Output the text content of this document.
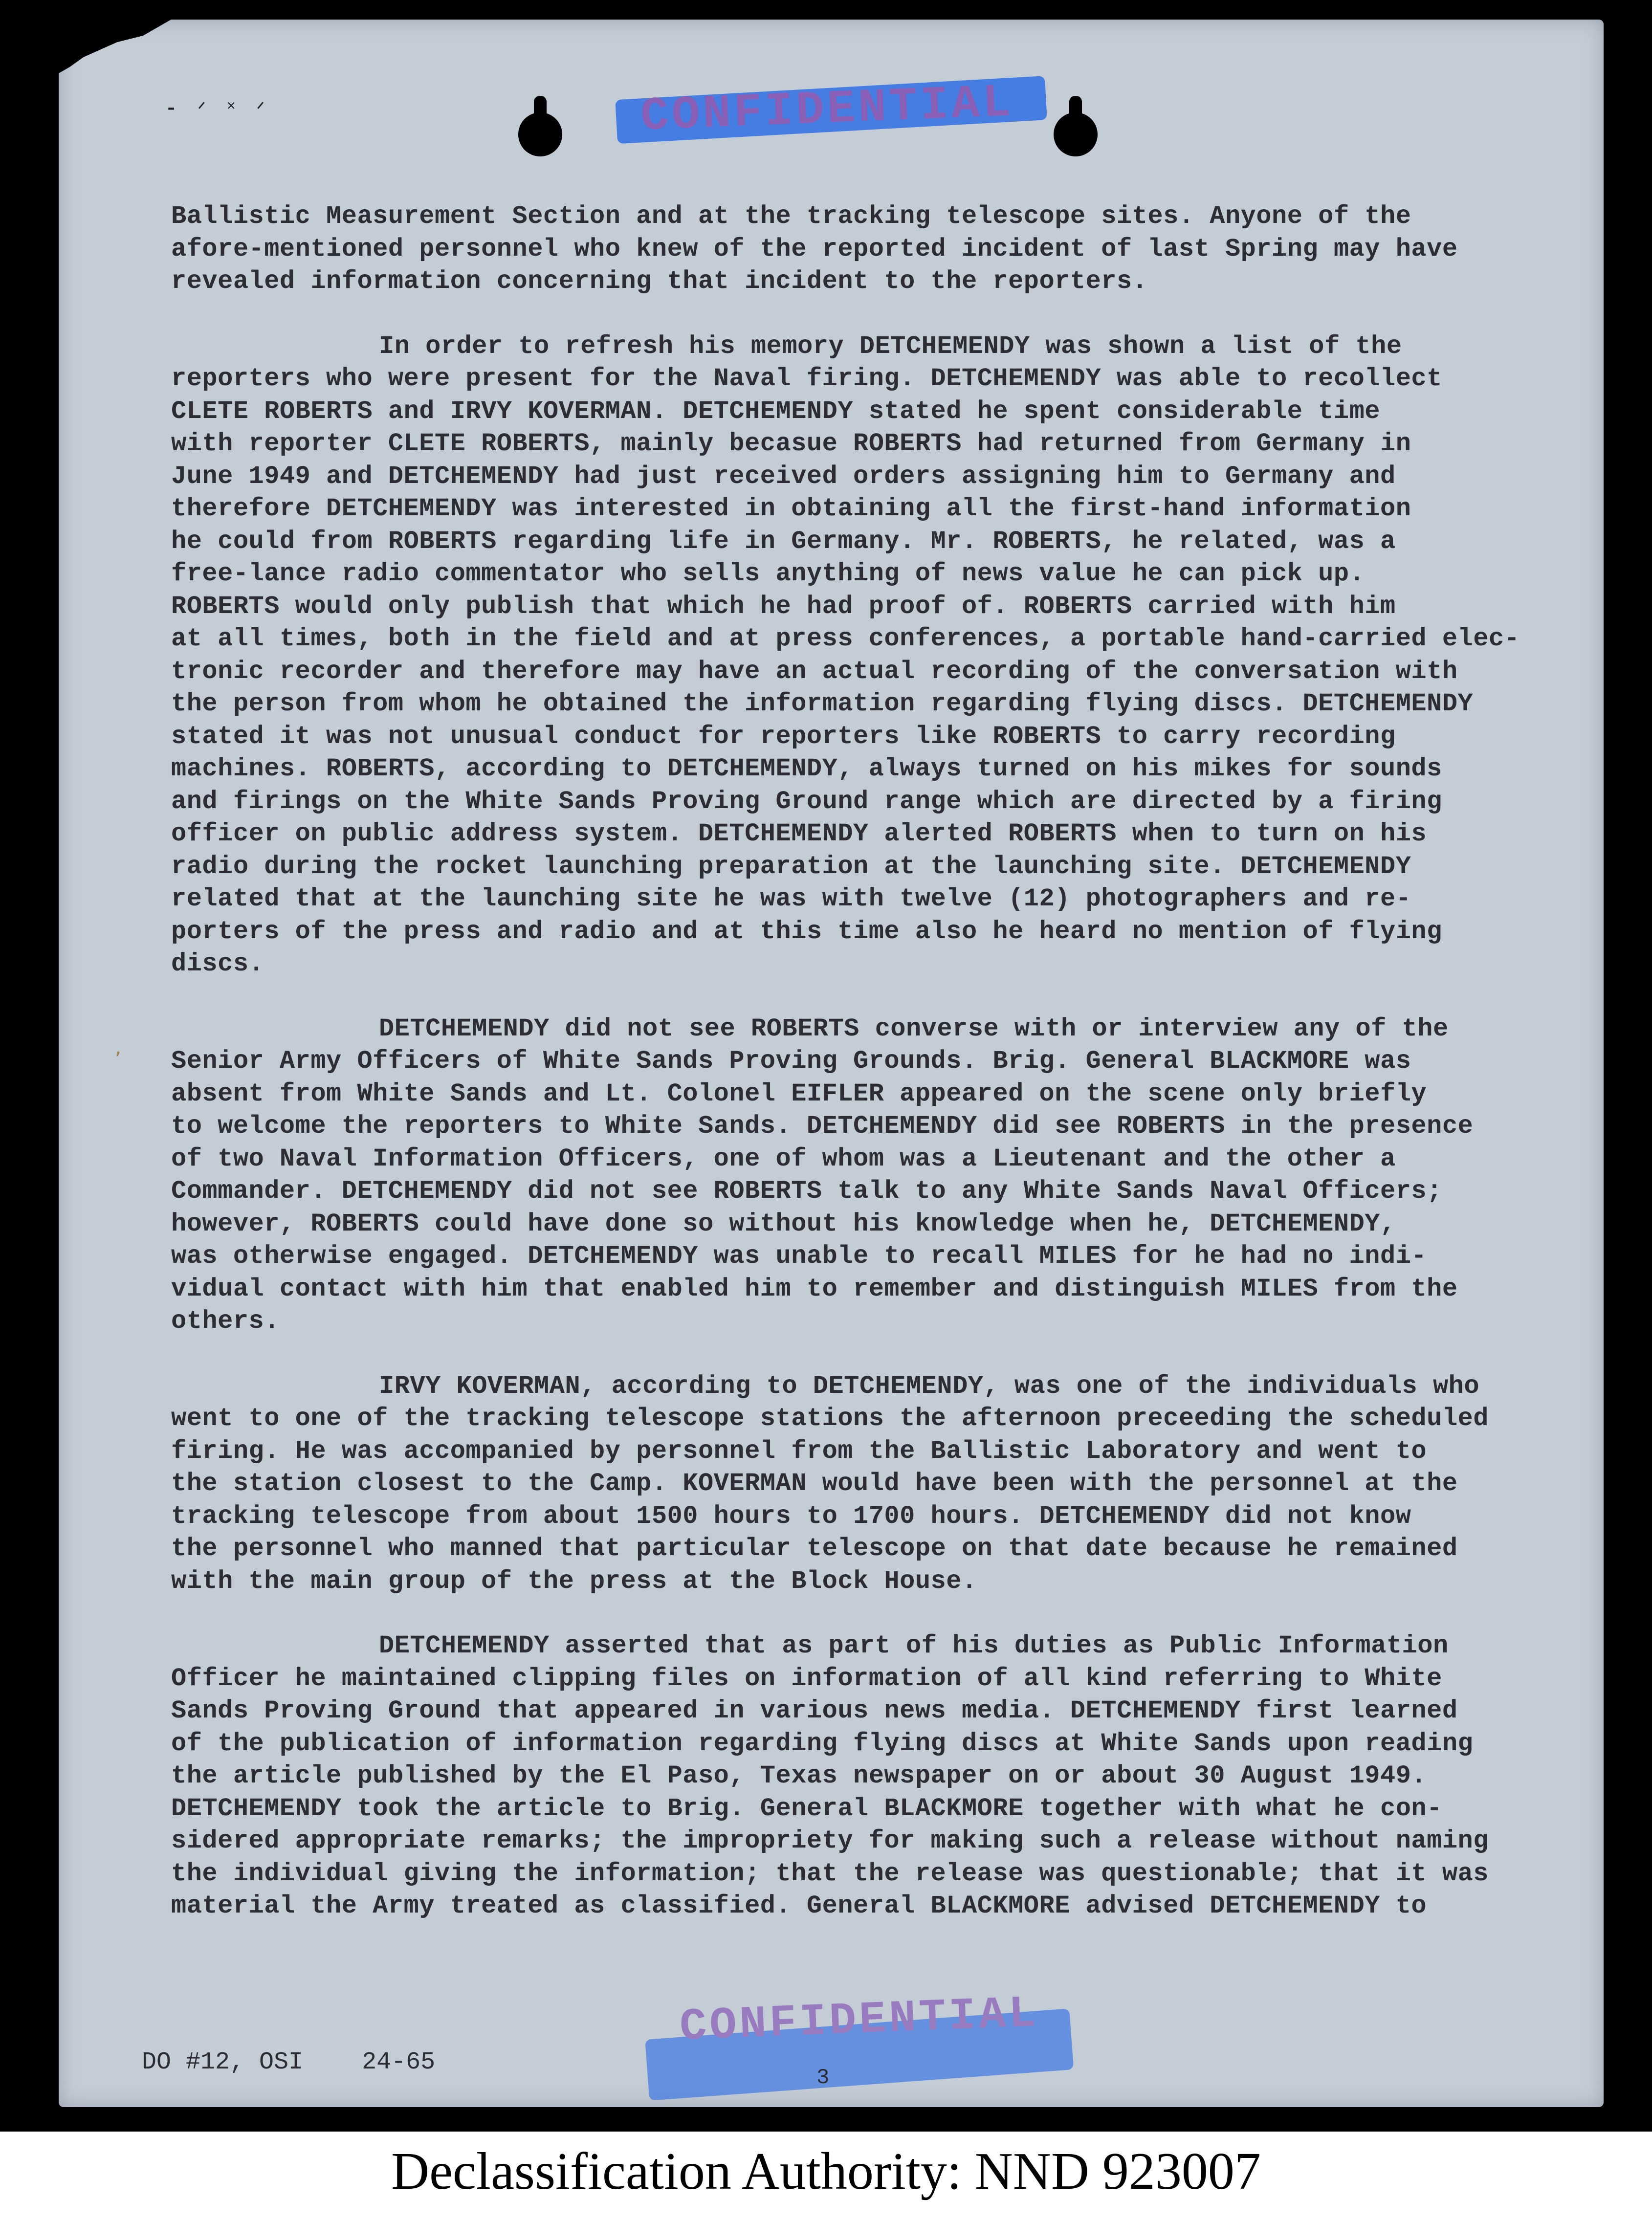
⁃ ᐟ ˟ ᐟ	CONFIDENTIAL
Ballistic Measurement Section and at the tracking telescope sites. Anyone of the
afore-mentioned personnel who knew of the reported incident of last Spring may have
revealed information concerning that incident to the reporters.
In order to refresh his memory DETCHEMENDY was shown a list of the
reporters who were present for the Naval firing. DETCHEMENDY was able to recollect
CLETE ROBERTS and IRVY KOVERMAN. DETCHEMENDY stated he spent considerable time
with reporter CLETE ROBERTS, mainly becasue ROBERTS had returned from Germany in
June 1949 and DETCHEMENDY had just received orders assigning him to Germany and
therefore DETCHEMENDY was interested in obtaining all the first-hand information
he could from ROBERTS regarding life in Germany. Mr. ROBERTS, he related, was a
free-lance radio commentator who sells anything of news value he can pick up.
ROBERTS would only publish that which he had proof of. ROBERTS carried with him
at all times, both in the field and at press conferences, a portable hand-carried elec-
tronic recorder and therefore may have an actual recording of the conversation with
the person from whom he obtained the information regarding flying discs. DETCHEMENDY
stated it was not unusual conduct for reporters like ROBERTS to carry recording
machines. ROBERTS, according to DETCHEMENDY, always turned on his mikes for sounds
and firings on the White Sands Proving Ground range which are directed by a firing
officer on public address system. DETCHEMENDY alerted ROBERTS when to turn on his
radio during the rocket launching preparation at the launching site. DETCHEMENDY
related that at the launching site he was with twelve (12) photographers and re-
porters of the press and radio and at this time also he heard no mention of flying
discs.
DETCHEMENDY did not see ROBERTS converse with or interview any of the
Senior Army Officers of White Sands Proving Grounds. Brig. General BLACKMORE was
absent from White Sands and Lt. Colonel EIFLER appeared on the scene only briefly
to welcome the reporters to White Sands. DETCHEMENDY did see ROBERTS in the presence
of two Naval Information Officers, one of whom was a Lieutenant and the other a
Commander. DETCHEMENDY did not see ROBERTS talk to any White Sands Naval Officers;
however, ROBERTS could have done so without his knowledge when he, DETCHEMENDY,
was otherwise engaged. DETCHEMENDY was unable to recall MILES for he had no indi-
vidual contact with him that enabled him to remember and distinguish MILES from the
others.
IRVY KOVERMAN, according to DETCHEMENDY, was one of the individuals who
went to one of the tracking telescope stations the afternoon preceeding the scheduled
firing. He was accompanied by personnel from the Ballistic Laboratory and went to
the station closest to the Camp. KOVERMAN would have been with the personnel at the
tracking telescope from about 1500 hours to 1700 hours. DETCHEMENDY did not know
the personnel who manned that particular telescope on that date because he remained
with the main group of the press at the Block House.
DETCHEMENDY asserted that as part of his duties as Public Information
Officer he maintained clipping files on information of all kind referring to White
Sands Proving Ground that appeared in various news media. DETCHEMENDY first learned
of the publication of information regarding flying discs at White Sands upon reading
the article published by the El Paso, Texas newspaper on or about 30 August 1949.
DETCHEMENDY took the article to Brig. General BLACKMORE together with what he con-
sidered appropriate remarks; the impropriety for making such a release without naming
the individual giving the information; that the release was questionable; that it was
material the Army treated as classified. General BLACKMORE advised DETCHEMENDY to
‚
CONFIDENTIAL
DO #12, OSI 24-65
3
Declassification Authority: NND 923007
